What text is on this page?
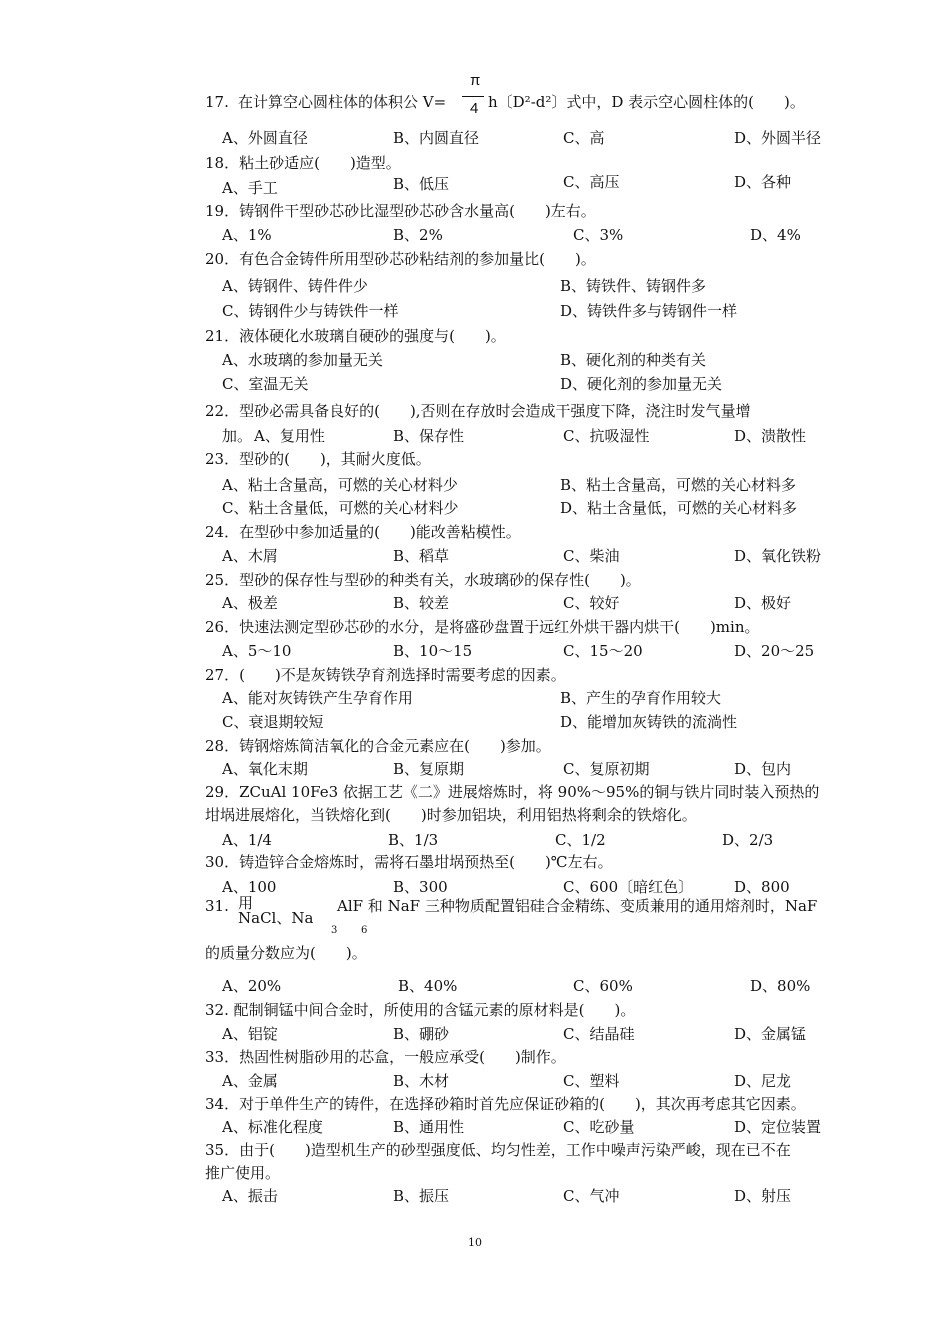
17. 在计算空心圆柱体的体积公 V=
π
4 h〔D²-d²〕式中，D 表示空心圆柱体的(　　)。
A、外圆直径	B、内圆直径	C、高	D、外圆半径
18．粘土砂适应(　　)造型。
A、手工	B、低压	C、高压	D、各种
19．铸钢件干型砂芯砂比湿型砂芯砂含水量高(　　)左右。
A、1%	B、2%	C、3%	D、4%
20．有色合金铸件所用型砂芯砂粘结剂的参加量比(　　)。
A、铸钢件、铸件件少	B、铸铁件、铸钢件多
C、铸钢件少与铸铁件一样	D、铸铁件多与铸钢件一样
21．液体硬化水玻璃自硬砂的强度与(　　)。
A、水玻璃的参加量无关	B、硬化剂的种类有关
C、室温无关	D、硬化剂的参加量无关
22．型砂必需具备良好的(　　),否则在存放时会造成干强度下降，浇注时发气量增
加。 A、复用性	B、保存性	C、抗吸湿性	D、溃散性
23．型砂的(　　)，其耐火度低。
A、粘土含量高，可燃的关心材料少	B、粘土含量高，可燃的关心材料多
C、粘土含量低，可燃的关心材料少	D、粘土含量低，可燃的关心材料多
24．在型砂中参加适量的(　　)能改善粘模性。
A、木屑	B、稻草	C、柴油	D、氧化铁粉
25．型砂的保存性与型砂的种类有关，水玻璃砂的保存性(　　)。
A、极差	B、较差	C、较好	D、极好
26．快速法测定型砂芯砂的水分，是将盛砂盘置于远红外烘干器内烘干(　　)min。
A、5～10	B、10～15	C、15～20	D、20～25
27．(　　)不是灰铸铁孕育剂选择时需要考虑的因素。
A、能对灰铸铁产生孕育作用	B、产生的孕育作用较大
C、衰退期较短	D、能增加灰铸铁的流淌性
28．铸钢熔炼简洁氧化的合金元素应在(　　)参加。
A、氧化末期	B、复原期	C、复原初期	D、包内
29．ZCuAl 10Fe3 依据工艺《二》进展熔炼时，将 90%～95%的铜与铁片同时装入预热的
坩埚进展熔化，当铁熔化到(　　)时参加铝块，利用铝热将剩余的铁熔化。
A、1/4	B、1/3	C、1/2	D、2/3
30．铸造锌合金熔炼时，需将石墨坩埚预热至(　　)℃左右。
A、100	B、300	C、600〔暗红色〕	D、800
31. 用
NaCl、Na
3 6
AlF 和 NaF 三种物质配置铝硅合金精练、变质兼用的通用熔剂时，NaF
的质量分数应为(　　)。
A、20%	B、40%	C、60%	D、80%
32. 配制铜锰中间合金时，所使用的含锰元素的原材料是(　　)。
A、铝锭	B、硼砂	C、结晶硅	D、金属锰
33．热固性树脂砂用的芯盒，一般应承受(　　)制作。
A、金属	B、木材	C、塑料	D、尼龙
34．对于单件生产的铸件，在选择砂箱时首先应保证砂箱的(　　)，其次再考虑其它因素。
A、标准化程度	B、通用性	C、吃砂量	D、定位装置
35．由于(　　)造型机生产的砂型强度低、均匀性差，工作中噪声污染严峻，现在已不在
推广使用。
A、振击	B、振压	C、气冲	D、射压
10
